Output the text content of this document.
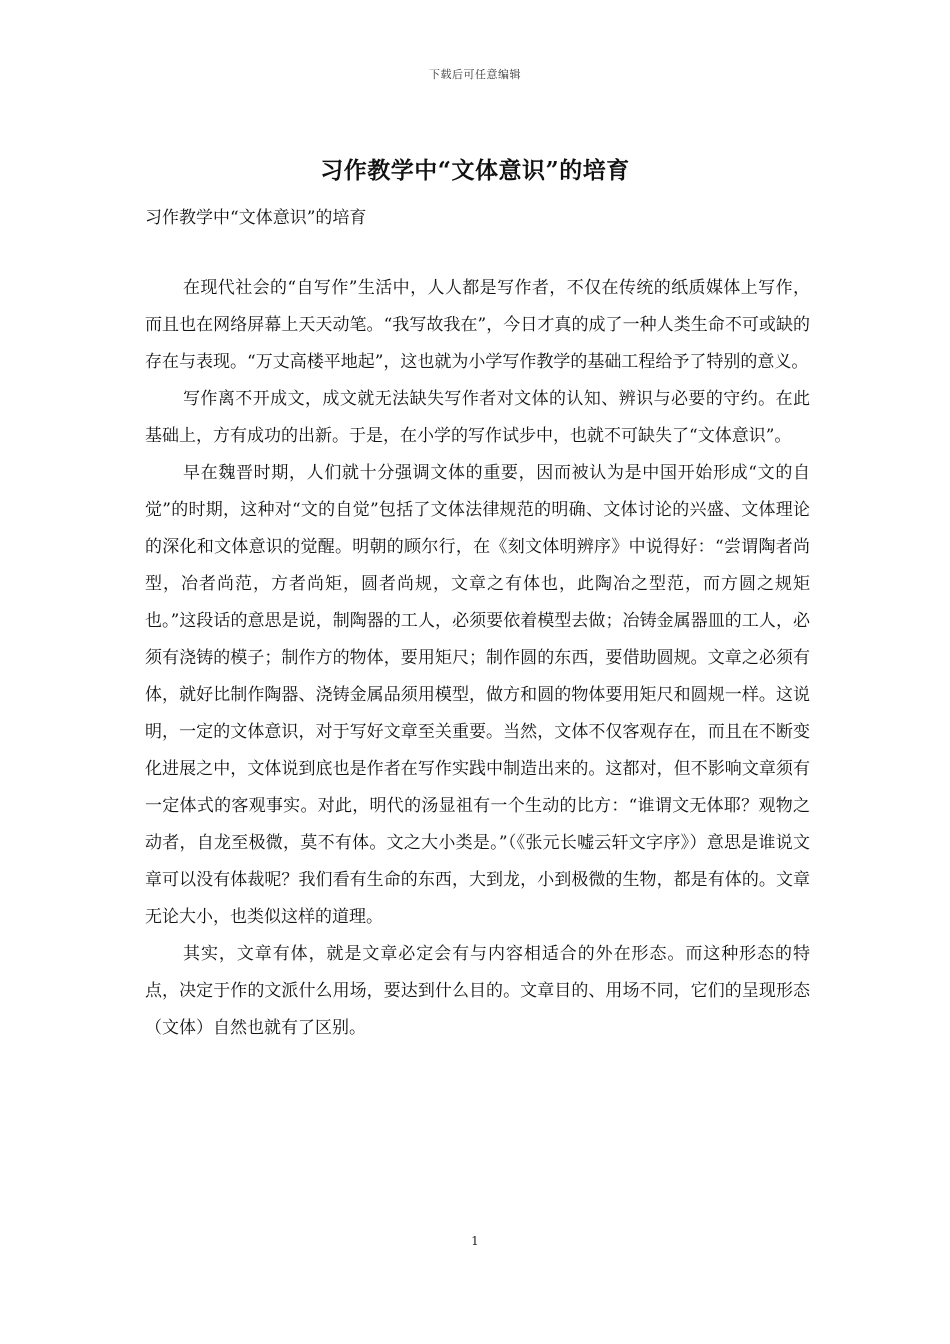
下载后可任意编辑
习作教学中“文体意识”的培育

习作教学中“文体意识”的培育

在现代社会的“自写作”生活中，人人都是写作者，不仅在传统的纸质媒体上写作，而且也在网络屏幕上天天动笔。“我写故我在”，今日才真的成了一种人类生命不可或缺的存在与表现。“万丈高楼平地起”，这也就为小学写作教学的基础工程给予了特别的意义。

写作离不开成文，成文就无法缺失写作者对文体的认知、辨识与必要的守约。在此基础上，方有成功的出新。于是，在小学的写作试步中，也就不可缺失了“文体意识”。

早在魏晋时期，人们就十分强调文体的重要，因而被认为是中国开始形成“文的自觉”的时期，这种对“文的自觉”包括了文体法律规范的明确、文体讨论的兴盛、文体理论的深化和文体意识的觉醒。明朝的顾尔行，在《刻文体明辨序》中说得好：“尝谓陶者尚型，冶者尚范，方者尚矩，圆者尚规，文章之有体也，此陶冶之型范，而方圆之规矩也。”这段话的意思是说，制陶器的工人，必须要依着模型去做；冶铸金属器皿的工人，必须有浇铸的模子；制作方的物体，要用矩尺；制作圆的东西，要借助圆规。文章之必须有体，就好比制作陶器、浇铸金属品须用模型，做方和圆的物体要用矩尺和圆规一样。这说明，一定的文体意识，对于写好文章至关重要。当然，文体不仅客观存在，而且在不断变化进展之中，文体说到底也是作者在写作实践中制造出来的。这都对，但不影响文章须有一定体式的客观事实。对此，明代的汤显祖有一个生动的比方：“谁谓文无体耶？观物之动者，自龙至极微，莫不有体。文之大小类是。”（《张元长嘘云轩文字序》）意思是谁说文章可以没有体裁呢？我们看有生命的东西，大到龙，小到极微的生物，都是有体的。文章无论大小，也类似这样的道理。

其实，文章有体，就是文章必定会有与内容相适合的外在形态。而这种形态的特点，决定于作的文派什么用场，要达到什么目的。文章目的、用场不同，它们的呈现形态（文体）自然也就有了区别。

1
